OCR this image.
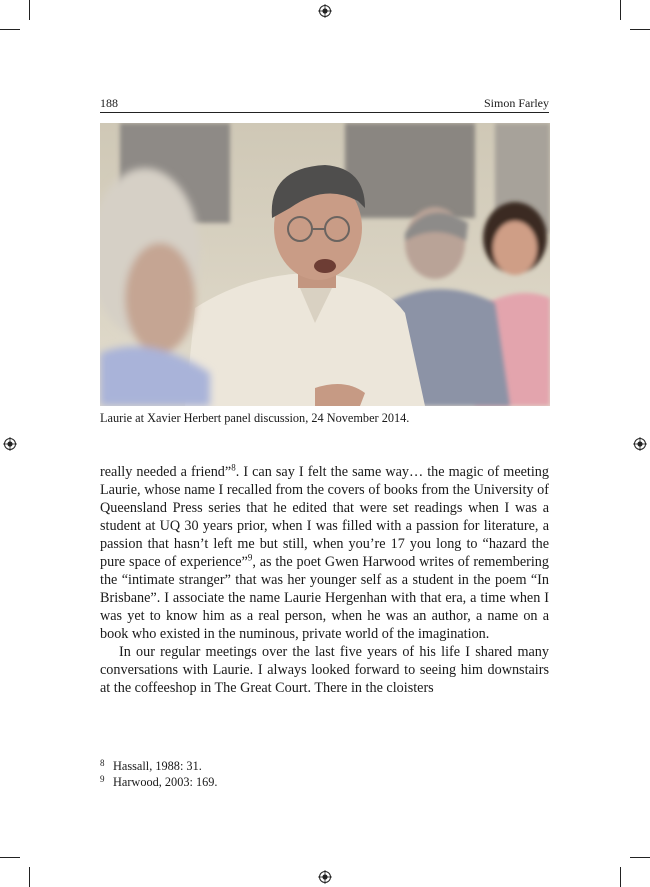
188	Simon Farley
Laurie at Xavier Herbert panel discussion, 24 November 2014.

really needed a friend”$^8$. I can say I felt the same way… the magic of meeting Laurie, whose name I recalled from the covers of books from the University of Queensland Press series that he edited that were set readings when I was a student at UQ 30 years prior, when I was filled with a passion for literature, a passion that hasn’t left me but still, when you’re 17 you long to “hazard the pure space of experience”$^9$, as the poet Gwen Harwood writes of remembering the “intimate stranger” that was her younger self as a student in the poem “In Brisbane”. I associate the name Laurie Hergenhan with that era, a time when I was yet to know him as a real person, when he was an author, a name on a book who existed in the numinous, private world of the imagination.

In our regular meetings over the last five years of his life I shared many conversations with Laurie. I always looked forward to seeing him downstairs at the coffeeshop in The Great Court. There in the cloisters

8 Hassall, 1988: 31.
9 Harwood, 2003: 169.
